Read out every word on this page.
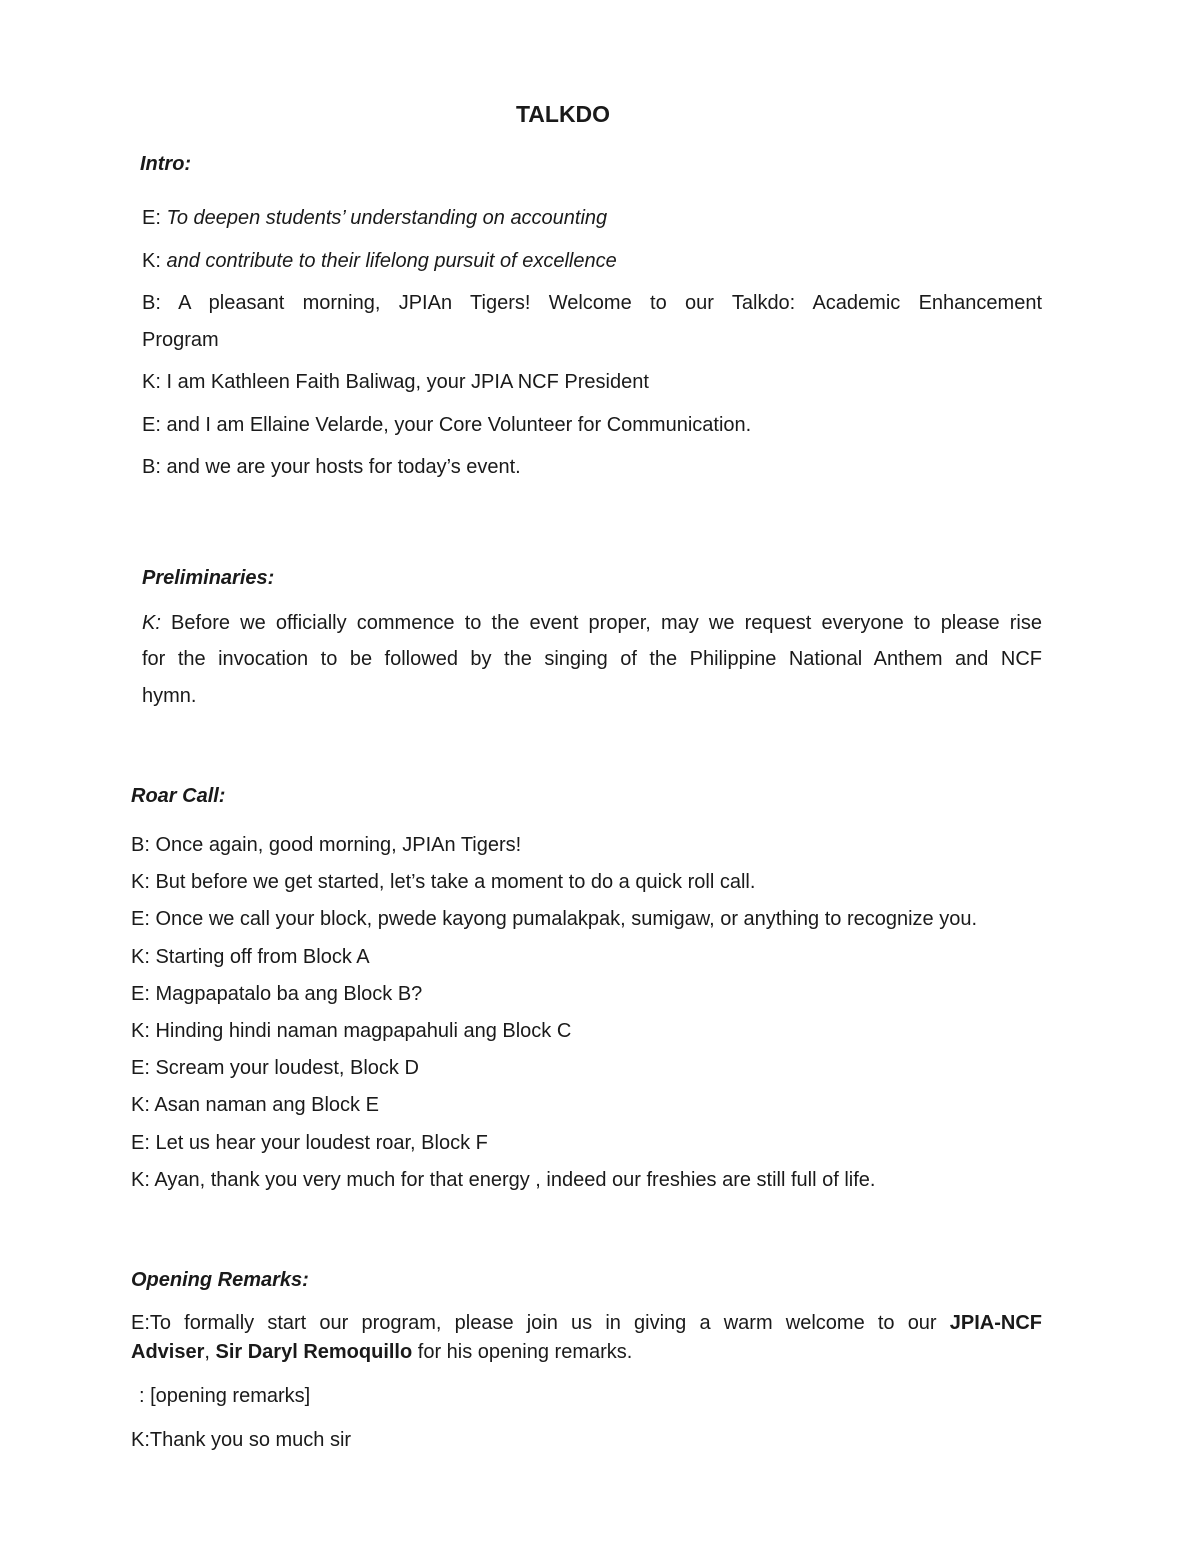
TALKDO
Intro:
E: To deepen students’ understanding on accounting
K: and contribute to their lifelong pursuit of excellence
B: A pleasant morning, JPIAn Tigers! Welcome to our Talkdo: Academic Enhancement
Program
K: I am Kathleen Faith Baliwag, your JPIA NCF President
E: and I am Ellaine Velarde, your Core Volunteer for Communication.
B: and we are your hosts for today’s event.
Preliminaries:
K: Before we officially commence to the event proper, may we request everyone to please rise
for the invocation to be followed by the singing of the Philippine National Anthem and NCF
hymn.
Roar Call:
B: Once again, good morning, JPIAn Tigers!
K: But before we get started, let’s take a moment to do a quick roll call.
E: Once we call your block, pwede kayong pumalakpak, sumigaw, or anything to recognize you.
K: Starting off from Block A
E: Magpapatalo ba ang Block B?
K: Hinding hindi naman magpapahuli ang Block C
E: Scream your loudest, Block D
K: Asan naman ang Block E
E: Let us hear your loudest roar, Block F
K: Ayan, thank you very much for that energy , indeed our freshies are still full of life.
Opening Remarks:
E:To formally start our program, please join us in giving a warm welcome to our JPIA-NCF
Adviser, Sir Daryl Remoquillo for his opening remarks.
: [opening remarks]
K:Thank you so much sir
